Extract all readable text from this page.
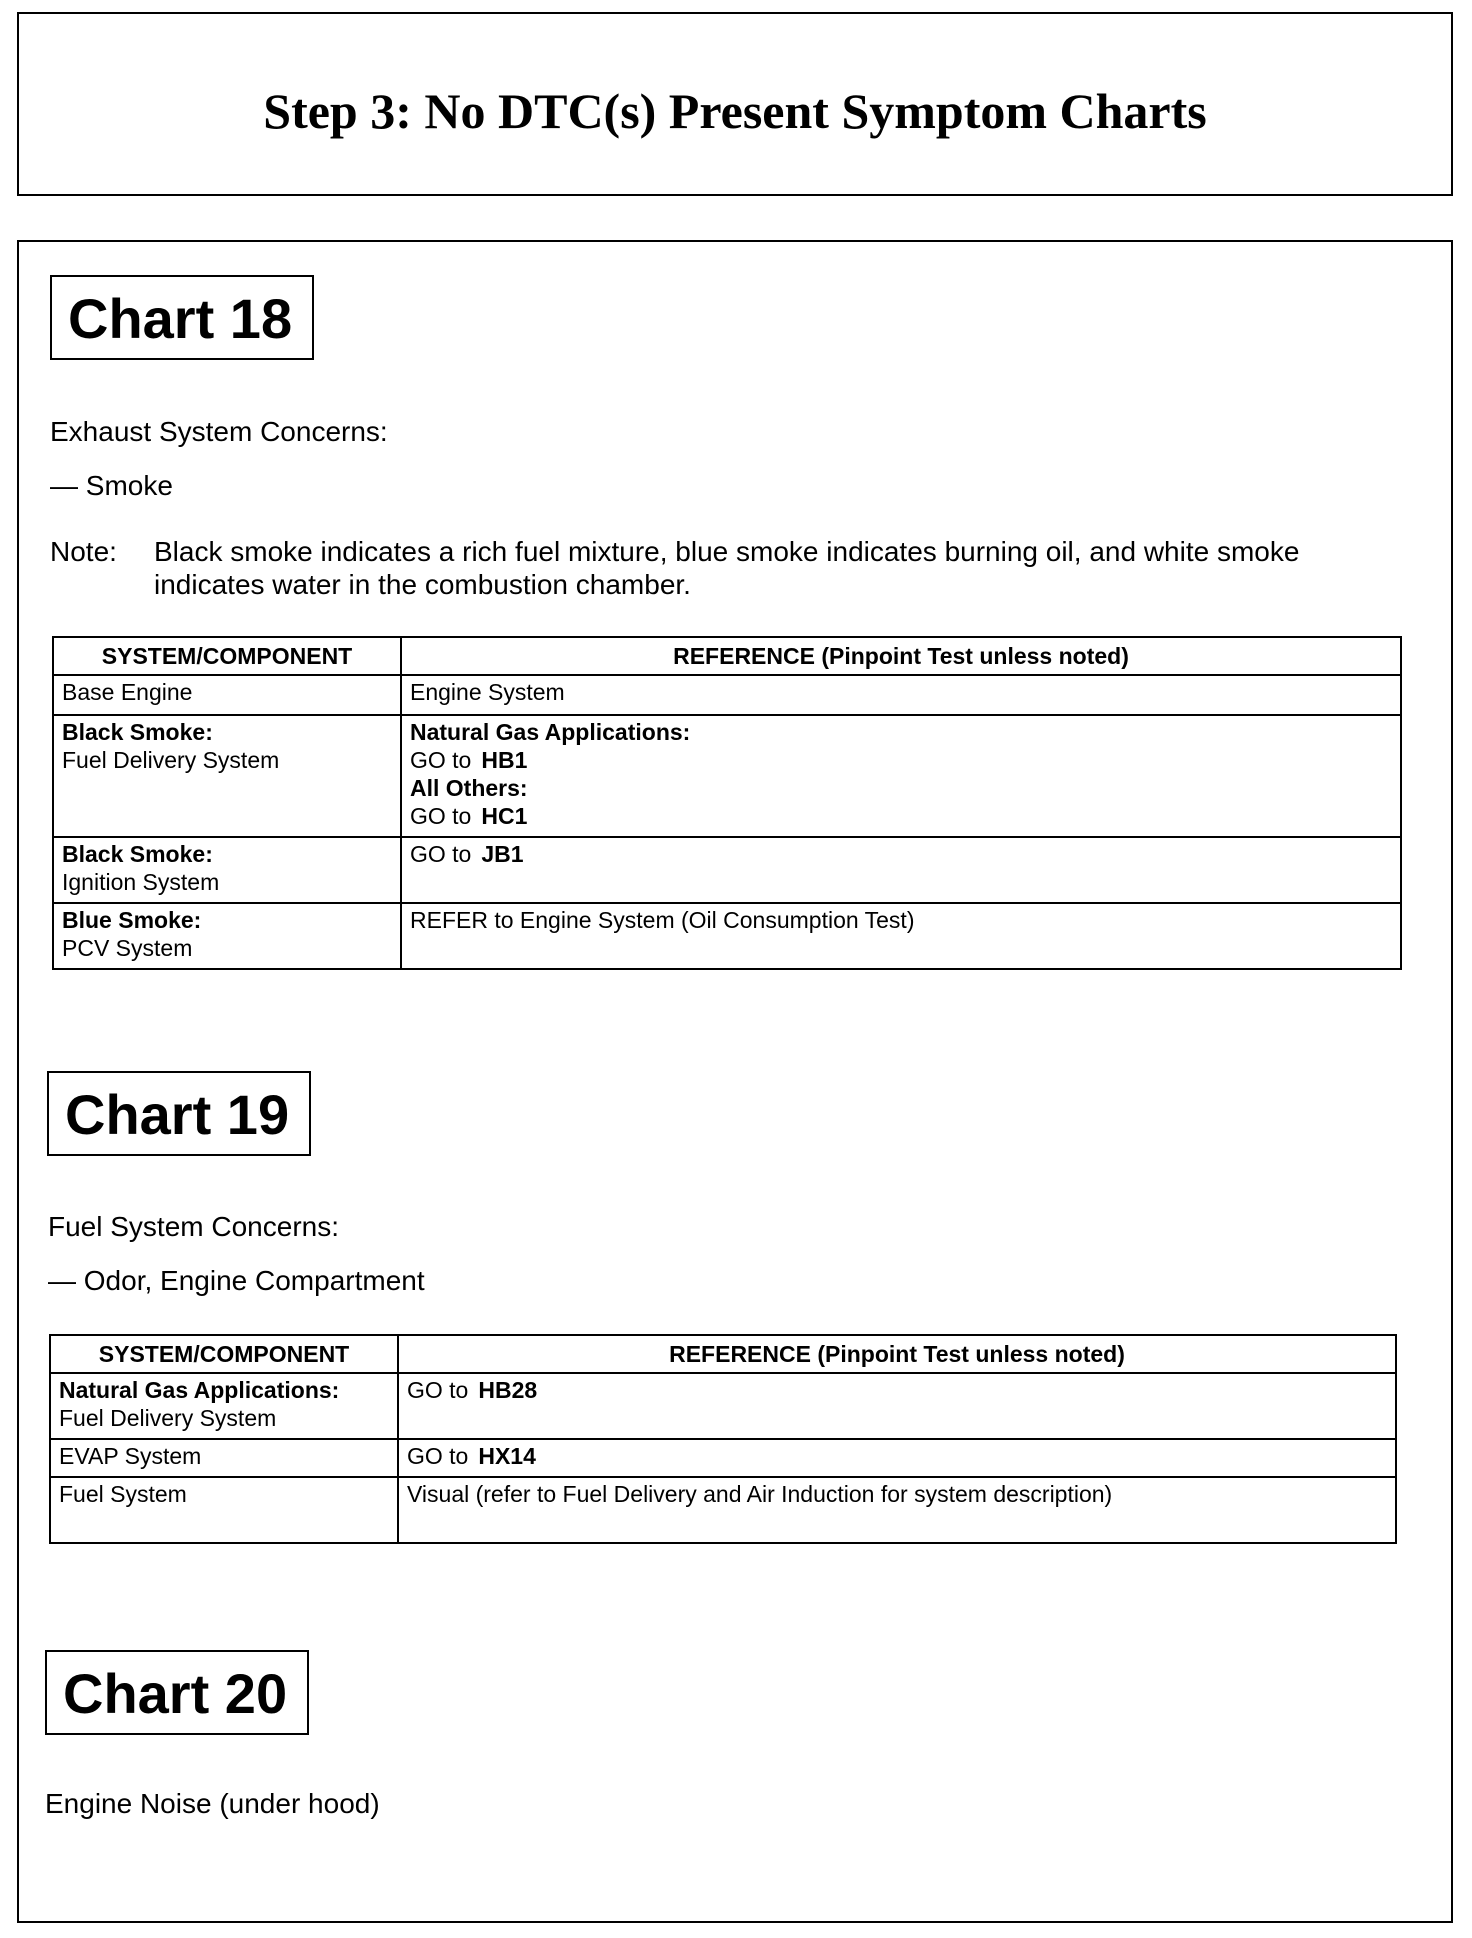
Step 3: No DTC(s) Present Symptom Charts
Chart 18
Exhaust System Concerns:
— Smoke
Note: Black smoke indicates a rich fuel mixture, blue smoke indicates burning oil, and white smoke indicates water in the combustion chamber.
SYSTEM/COMPONENT	REFERENCE (Pinpoint Test unless noted)

Base Engine	Engine System

Black Smoke:
Fuel Delivery System	Natural Gas Applications:
GO to HB1
All Others:
GO to HC1

Black Smoke:
Ignition System	GO to JB1

Blue Smoke:
PCV System	REFER to Engine System (Oil Consumption Test)
Chart 19
Fuel System Concerns:
— Odor, Engine Compartment
SYSTEM/COMPONENT	REFERENCE (Pinpoint Test unless noted)

Natural Gas Applications:
Fuel Delivery System	GO to HB28

EVAP System	GO to HX14

Fuel System	Visual (refer to Fuel Delivery and Air Induction for system description)
Chart 20
Engine Noise (under hood)
